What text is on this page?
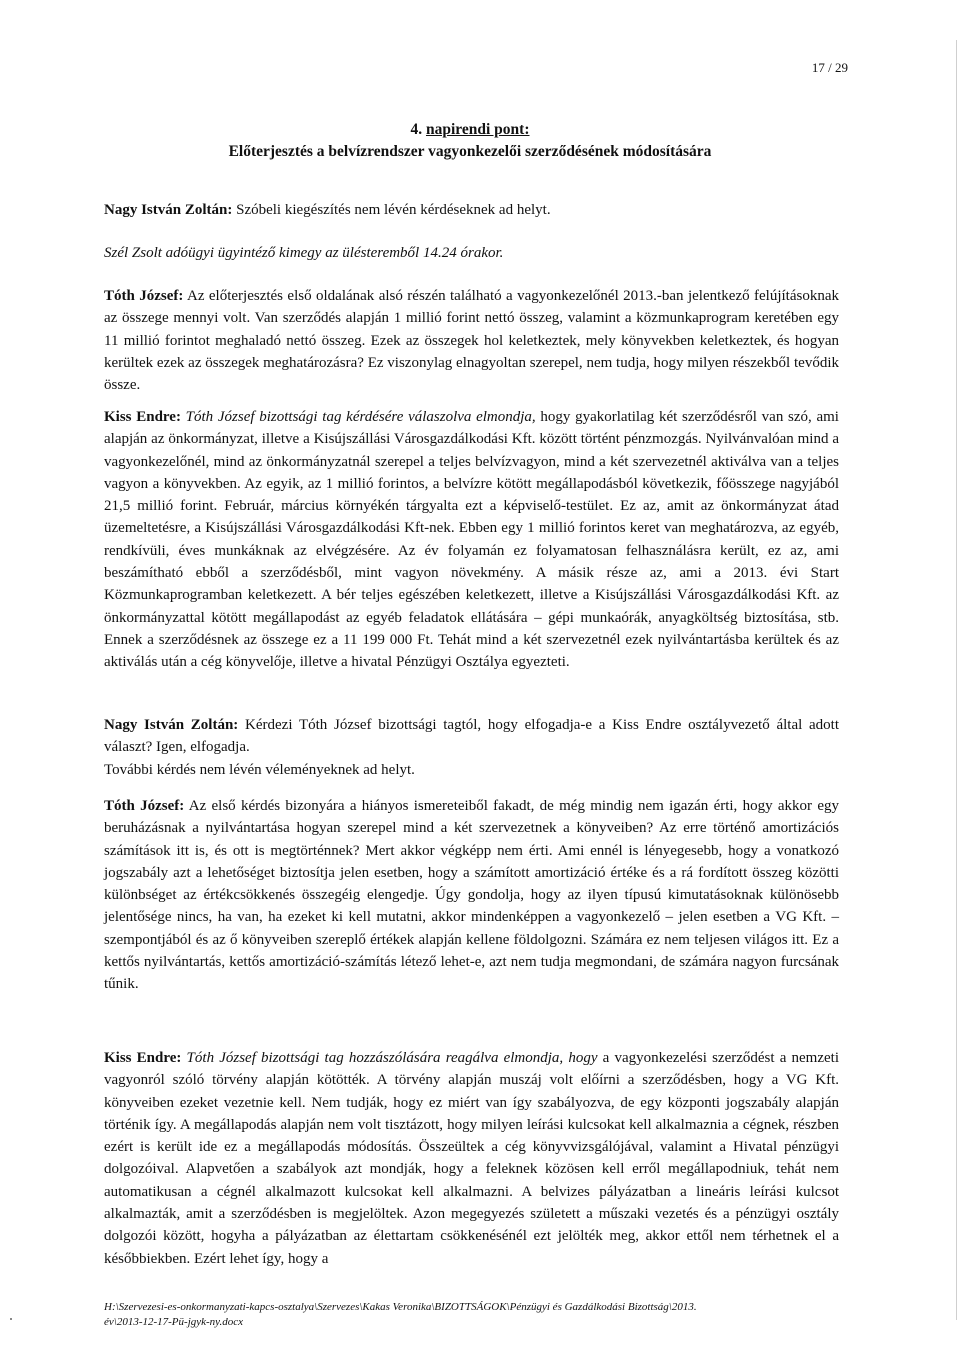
17 / 29
4. napirendi pont:
Előterjesztés a belvízrendszer vagyonkezelői szerződésének módosítására

Nagy István Zoltán: Szóbeli kiegészítés nem lévén kérdéseknek ad helyt.

Szél Zsolt adóügyi ügyintéző kimegy az ülésteremből 14.24 órakor.

Tóth József: Az előterjesztés első oldalának alsó részén található a vagyonkezelőnél 2013.-ban jelentkező felújításoknak az összege mennyi volt. Van szerződés alapján 1 millió forint nettó összeg, valamint a közmunkaprogram keretében egy 11 millió forintot meghaladó nettó összeg. Ezek az összegek hol keletkeztek, mely könyvekben keletkeztek, és hogyan kerültek ezek az összegek meghatározásra? Ez viszonylag elnagyoltan szerepel, nem tudja, hogy milyen részekből tevődik össze.

Kiss Endre: Tóth József bizottsági tag kérdésére válaszolva elmondja, hogy gyakorlatilag két szerződésről van szó, ami alapján az önkormányzat, illetve a Kisújszállási Városgazdálkodási Kft. között történt pénzmozgás. Nyilvánvalóan mind a vagyonkezelőnél, mind az önkormányzatnál szerepel a teljes belvízvagyon, mind a két szervezetnél aktiválva van a teljes vagyon a könyvekben. Az egyik, az 1 millió forintos, a belvízre kötött megállapodásból következik, főösszege nagyjából 21,5 millió forint. Február, március környékén tárgyalta ezt a képviselő-testület. Ez az, amit az önkormányzat átad üzemeltetésre, a Kisújszállási Városgazdálkodási Kft-nek. Ebben egy 1 millió forintos keret van meghatározva, az egyéb, rendkívüli, éves munkáknak az elvégzésére. Az év folyamán ez folyamatosan felhasználásra került, ez az, ami beszámítható ebből a szerződésből, mint vagyon növekmény. A másik része az, ami a 2013. évi Start Közmunkaprogramban keletkezett. A bér teljes egészében keletkezett, illetve a Kisújszállási Városgazdálkodási Kft. az önkormányzattal kötött megállapodást az egyéb feladatok ellátására – gépi munkaórák, anyagköltség biztosítása, stb. Ennek a szerződésnek az összege ez a 11 199 000 Ft. Tehát mind a két szervezetnél ezek nyilvántartásba kerültek és az aktiválás után a cég könyvelője, illetve a hivatal Pénzügyi Osztálya egyezteti.

Nagy István Zoltán: Kérdezi Tóth József bizottsági tagtól, hogy elfogadja-e a Kiss Endre osztályvezető által adott választ? Igen, elfogadja.
További kérdés nem lévén véleményeknek ad helyt.

Tóth József: Az első kérdés bizonyára a hiányos ismereteiből fakadt, de még mindig nem igazán érti, hogy akkor egy beruházásnak a nyilvántartása hogyan szerepel mind a két szervezetnek a könyveiben? Az erre történő amortizációs számítások itt is, és ott is megtörténnek? Mert akkor végképp nem érti. Ami ennél is lényegesebb, hogy a vonatkozó jogszabály azt a lehetőséget biztosítja jelen esetben, hogy a számított amortizáció értéke és a rá fordított összeg közötti különbséget az értékcsökkenés összegéig elengedje. Úgy gondolja, hogy az ilyen típusú kimutatásoknak különösebb jelentősége nincs, ha van, ha ezeket ki kell mutatni, akkor mindenképpen a vagyonkezelő – jelen esetben a VG Kft. – szempontjából és az ő könyveiben szereplő értékek alapján kellene földolgozni. Számára ez nem teljesen világos itt. Ez a kettős nyilvántartás, kettős amortizáció-számítás létező lehet-e, azt nem tudja megmondani, de számára nagyon furcsának tűnik.

Kiss Endre: Tóth József bizottsági tag hozzászólására reagálva elmondja, hogy a vagyonkezelési szerződést a nemzeti vagyonról szóló törvény alapján kötötték. A törvény alapján muszáj volt előírni a szerződésben, hogy a VG Kft. könyveiben ezeket vezetnie kell. Nem tudják, hogy ez miért van így szabályozva, de egy központi jogszabály alapján történik így. A megállapodás alapján nem volt tisztázott, hogy milyen leírási kulcsokat kell alkalmaznia a cégnek, részben ezért is került ide ez a megállapodás módosítás. Összeültek a cég könyvvizsgálójával, valamint a Hivatal pénzügyi dolgozóival. Alapvetően a szabályok azt mondják, hogy a feleknek közösen kell erről megállapodniuk, tehát nem automatikusan a cégnél alkalmazott kulcsokat kell alkalmazni. A belvizes pályázatban a lineáris leírási kulcsot alkalmazták, amit a szerződésben is megjelöltek. Azon megegyezés született a műszaki vezetés és a pénzügyi osztály dolgozói között, hogyha a pályázatban az élettartam csökkenésénél ezt jelölték meg, akkor ettől nem térhetnek el a későbbiekben. Ezért lehet így, hogy a

H:\Szervezesi-es-onkormanyzati-kapcs-osztalya\Szervezes\Kakas Veronika\BIZOTTSÁGOK\Pénzügyi és Gazdálkodási Bizottság\2013.
év\2013-12-17-Pü-jgyk-ny.docx
